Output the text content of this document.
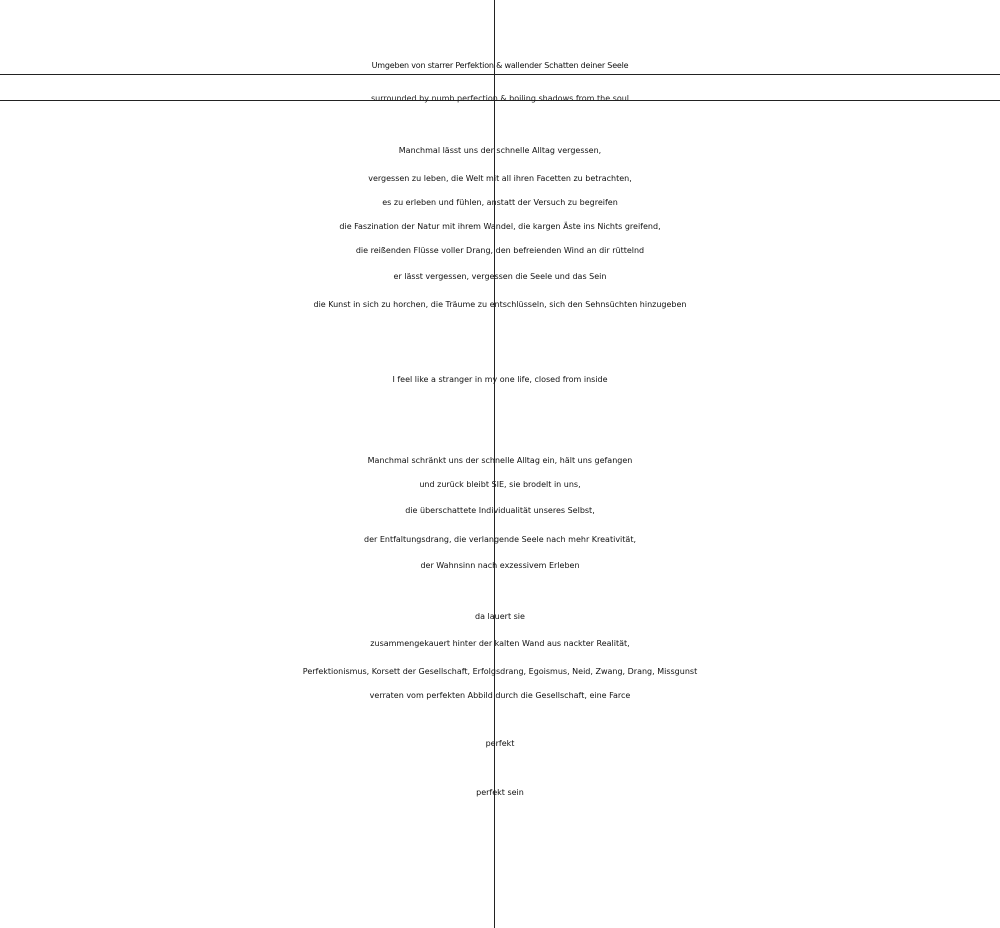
Umgeben von starrer Perfektion & wallender Schatten deiner Seele
surrounded by numb perfection & boiling shadows from the soul
Manchmal lässt uns der schnelle Alltag vergessen,
vergessen zu leben, die Welt mit all ihren Facetten zu betrachten,
es zu erleben und fühlen, anstatt der Versuch zu begreifen
die Faszination der Natur mit ihrem Wandel, die kargen Äste ins Nichts greifend,
die reißenden Flüsse voller Drang, den befreienden Wind an dir rüttelnd
er lässt vergessen, vergessen die Seele und das Sein
die Kunst in sich zu horchen, die Träume zu entschlüsseln, sich den Sehnsüchten hinzugeben
I feel like a stranger in my one life, closed from inside
Manchmal schränkt uns der schnelle Alltag ein, hält uns gefangen
und zurück bleibt SIE, sie brodelt in uns,
die überschattete Individualität unseres Selbst,
der Entfaltungsdrang, die verlangende Seele nach mehr Kreativität,
der Wahnsinn nach exzessivem Erleben
da lauert sie
zusammengekauert hinter der kalten Wand aus nackter Realität,
Perfektionismus, Korsett der Gesellschaft, Erfolgsdrang, Egoismus, Neid, Zwang, Drang, Missgunst
verraten vom perfekten Abbild durch die Gesellschaft, eine Farce
perfekt
perfekt sein
